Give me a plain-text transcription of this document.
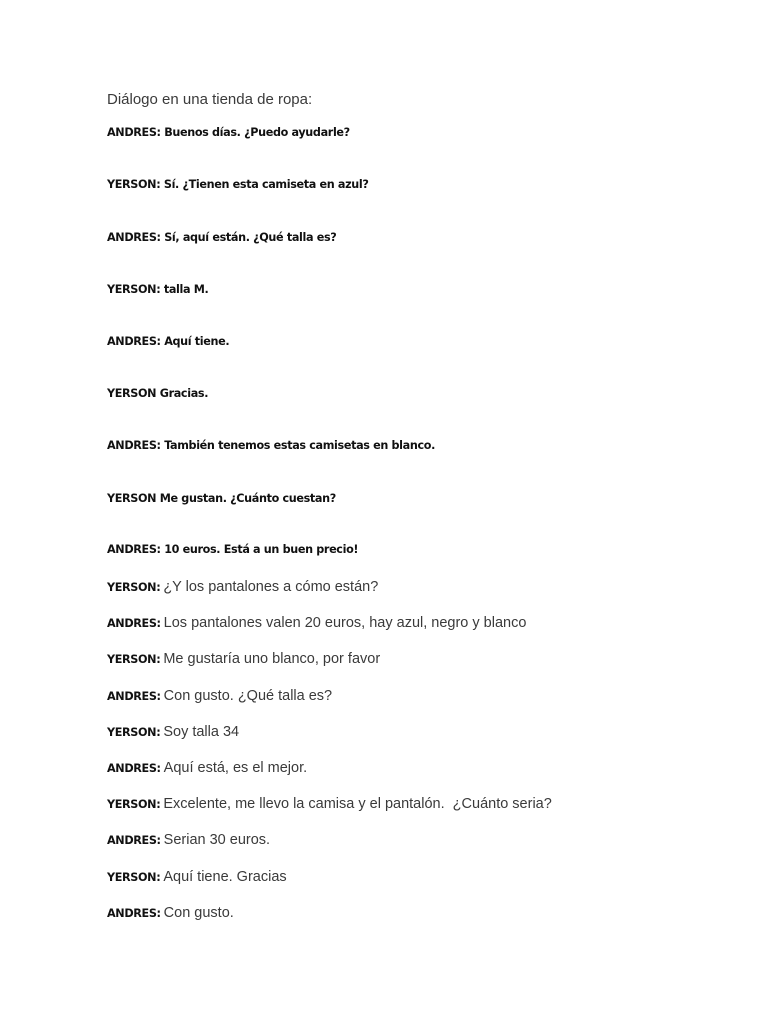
Diálogo en una tienda de ropa:
ANDRES: Buenos días. ¿Puedo ayudarle?
YERSON: Sí. ¿Tienen esta camiseta en azul?
ANDRES: Sí, aquí están. ¿Qué talla es?
YERSON: talla M.
ANDRES: Aquí tiene.
YERSON Gracias.
ANDRES: También tenemos estas camisetas en blanco.
YERSON Me gustan. ¿Cuánto cuestan?
ANDRES: 10 euros. Está a un buen precio!
YERSON: ¿Y los pantalones a cómo están?
ANDRES: Los pantalones valen 20 euros, hay azul, negro y blanco
YERSON: Me gustaría uno blanco, por favor
ANDRES: Con gusto. ¿Qué talla es?
YERSON: Soy talla 34
ANDRES: Aquí está, es el mejor.
YERSON: Excelente, me llevo la camisa y el pantalón.  ¿Cuánto seria?
ANDRES: Serian 30 euros.
YERSON: Aquí tiene. Gracias
ANDRES: Con gusto.
